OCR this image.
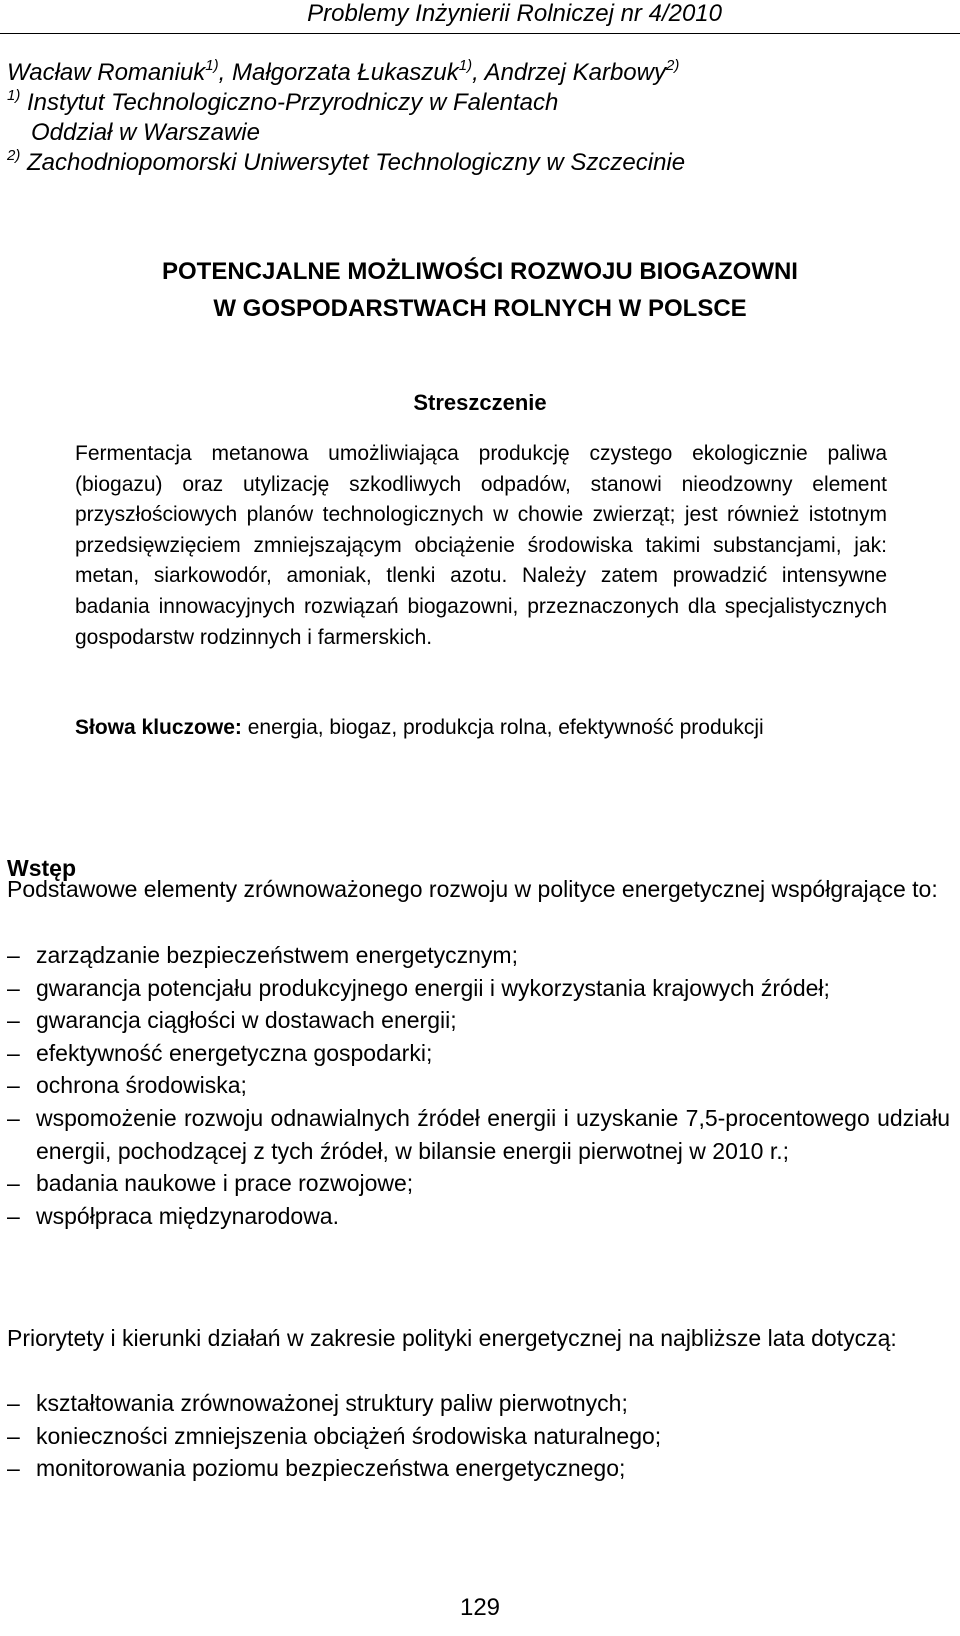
Problemy Inżynierii Rolniczej nr 4/2010
Wacław Romaniuk$^{1)}$, Małgorzata Łukaszuk$^{1)}$, Andrzej Karbowy$^{2)}$
$^{1)}$ Instytut Technologiczno-Przyrodniczy w Falentach
Oddział w Warszawie
$^{2)}$ Zachodniopomorski Uniwersytet Technologiczny w Szczecinie
POTENCJALNE MOŻLIWOŚCI ROZWOJU BIOGAZOWNI
W GOSPODARSTWACH ROLNYCH W POLSCE
Streszczenie
Fermentacja metanowa umożliwiająca produkcję czystego ekologicznie paliwa (biogazu) oraz utylizację szkodliwych odpadów, stanowi nieodzowny element przyszłościowych planów technologicznych w chowie zwierząt; jest również istotnym przedsięwzięciem zmniejszającym obciążenie środowiska takimi substancjami, jak: metan, siarkowodór, amoniak, tlenki azotu. Należy zatem prowadzić intensywne badania innowacyjnych rozwiązań biogazowni, przeznaczonych dla specjalistycznych gospodarstw rodzinnych i farmerskich.
Słowa kluczowe: energia, biogaz, produkcja rolna, efektywność produkcji
Wstęp
Podstawowe elementy zrównoważonego rozwoju w polityce energetycznej współgrające to:
– zarządzanie bezpieczeństwem energetycznym;
– gwarancja potencjału produkcyjnego energii i wykorzystania krajowych źródeł;
– gwarancja ciągłości w dostawach energii;
– efektywność energetyczna gospodarki;
– ochrona środowiska;
– wspomożenie rozwoju odnawialnych źródeł energii i uzyskanie 7,5-procentowego udziału energii, pochodzącej z tych źródeł, w bilansie energii pierwotnej w 2010 r.;
– badania naukowe i prace rozwojowe;
– współpraca międzynarodowa.
Priorytety i kierunki działań w zakresie polityki energetycznej na najbliższe lata dotyczą:
– kształtowania zrównoważonej struktury paliw pierwotnych;
– konieczności zmniejszenia obciążeń środowiska naturalnego;
– monitorowania poziomu bezpieczeństwa energetycznego;
129
